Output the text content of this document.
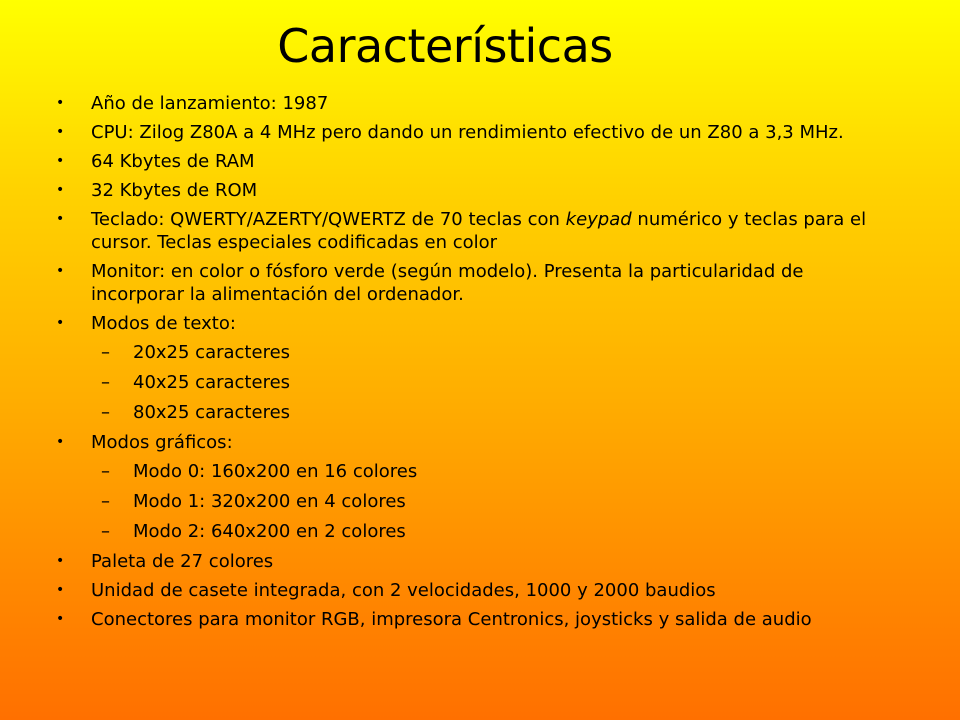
Características
• Año de lanzamiento: 1987
• CPU: Zilog Z80A a 4 MHz pero dando un rendimiento efectivo de un Z80 a 3,3 MHz.
• 64 Kbytes de RAM
• 32 Kbytes de ROM
• Teclado: QWERTY/AZERTY/QWERTZ de 70 teclas con keypad numérico y teclas para el cursor. Teclas especiales codificadas en color
• Monitor: en color o fósforo verde (según modelo). Presenta la particularidad de incorporar la alimentación del ordenador.
• Modos de texto:
– 20x25 caracteres
– 40x25 caracteres
– 80x25 caracteres
• Modos gráficos:
– Modo 0: 160x200 en 16 colores
– Modo 1: 320x200 en 4 colores
– Modo 2: 640x200 en 2 colores
• Paleta de 27 colores
• Unidad de casete integrada, con 2 velocidades, 1000 y 2000 baudios
• Conectores para monitor RGB, impresora Centronics, joysticks y salida de audio
